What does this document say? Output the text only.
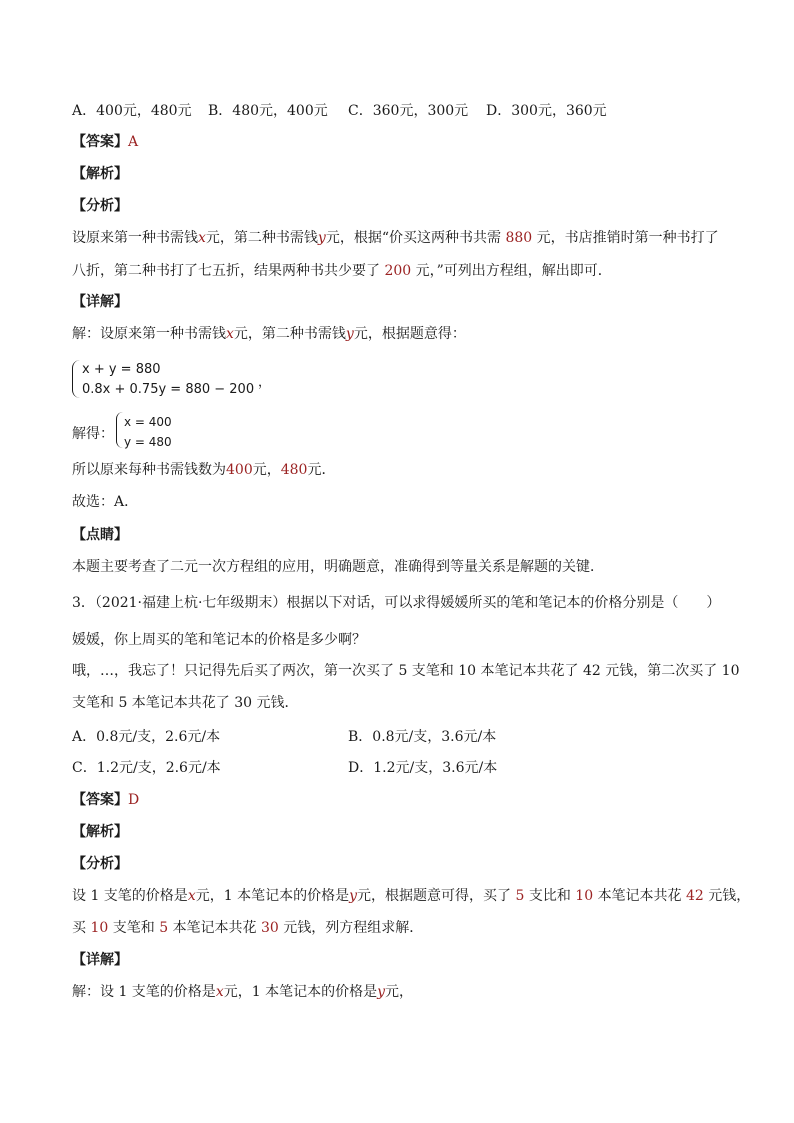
A．400元，480元 B．480元，400元 C．360元，300元 D．300元，360元
【答案】A
【解析】
【分析】
设原来第一种书需钱x元，第二种书需钱y元，根据“价买这两种书共需 880 元，书店推销时第一种书打了
八折，第二种书打了七五折，结果两种书共少要了 200 元，”可列出方程组，解出即可．
【详解】
解：设原来第一种书需钱x元，第二种书需钱y元，根据题意得：
x + y = 880
0.8x + 0.75y = 880 − 200 ，
解得：
x = 400
y = 480
所以原来每种书需钱数为400元，480元．
故选：A．
【点睛】
本题主要考查了二元一次方程组的应用，明确题意，准确得到等量关系是解题的关键．
3．（2021·福建上杭·七年级期末）根据以下对话，可以求得媛媛所买的笔和笔记本的价格分别是（　　）
媛媛，你上周买的笔和笔记本的价格是多少啊？
哦，…，我忘了！只记得先后买了两次，第一次买了 5 支笔和 10 本笔记本共花了 42 元钱，第二次买了 10
支笔和 5 本笔记本共花了 30 元钱．
A．0.8元/支，2.6元/本	B．0.8元/支，3.6元/本
C．1.2元/支，2.6元/本	D．1.2元/支，3.6元/本
【答案】D
【解析】
【分析】
设 1 支笔的价格是x元，1 本笔记本的价格是y元，根据题意可得，买了 5 支比和 10 本笔记本共花 42 元钱，
买 10 支笔和 5 本笔记本共花 30 元钱，列方程组求解．
【详解】
解：设 1 支笔的价格是x元，1 本笔记本的价格是y元，
